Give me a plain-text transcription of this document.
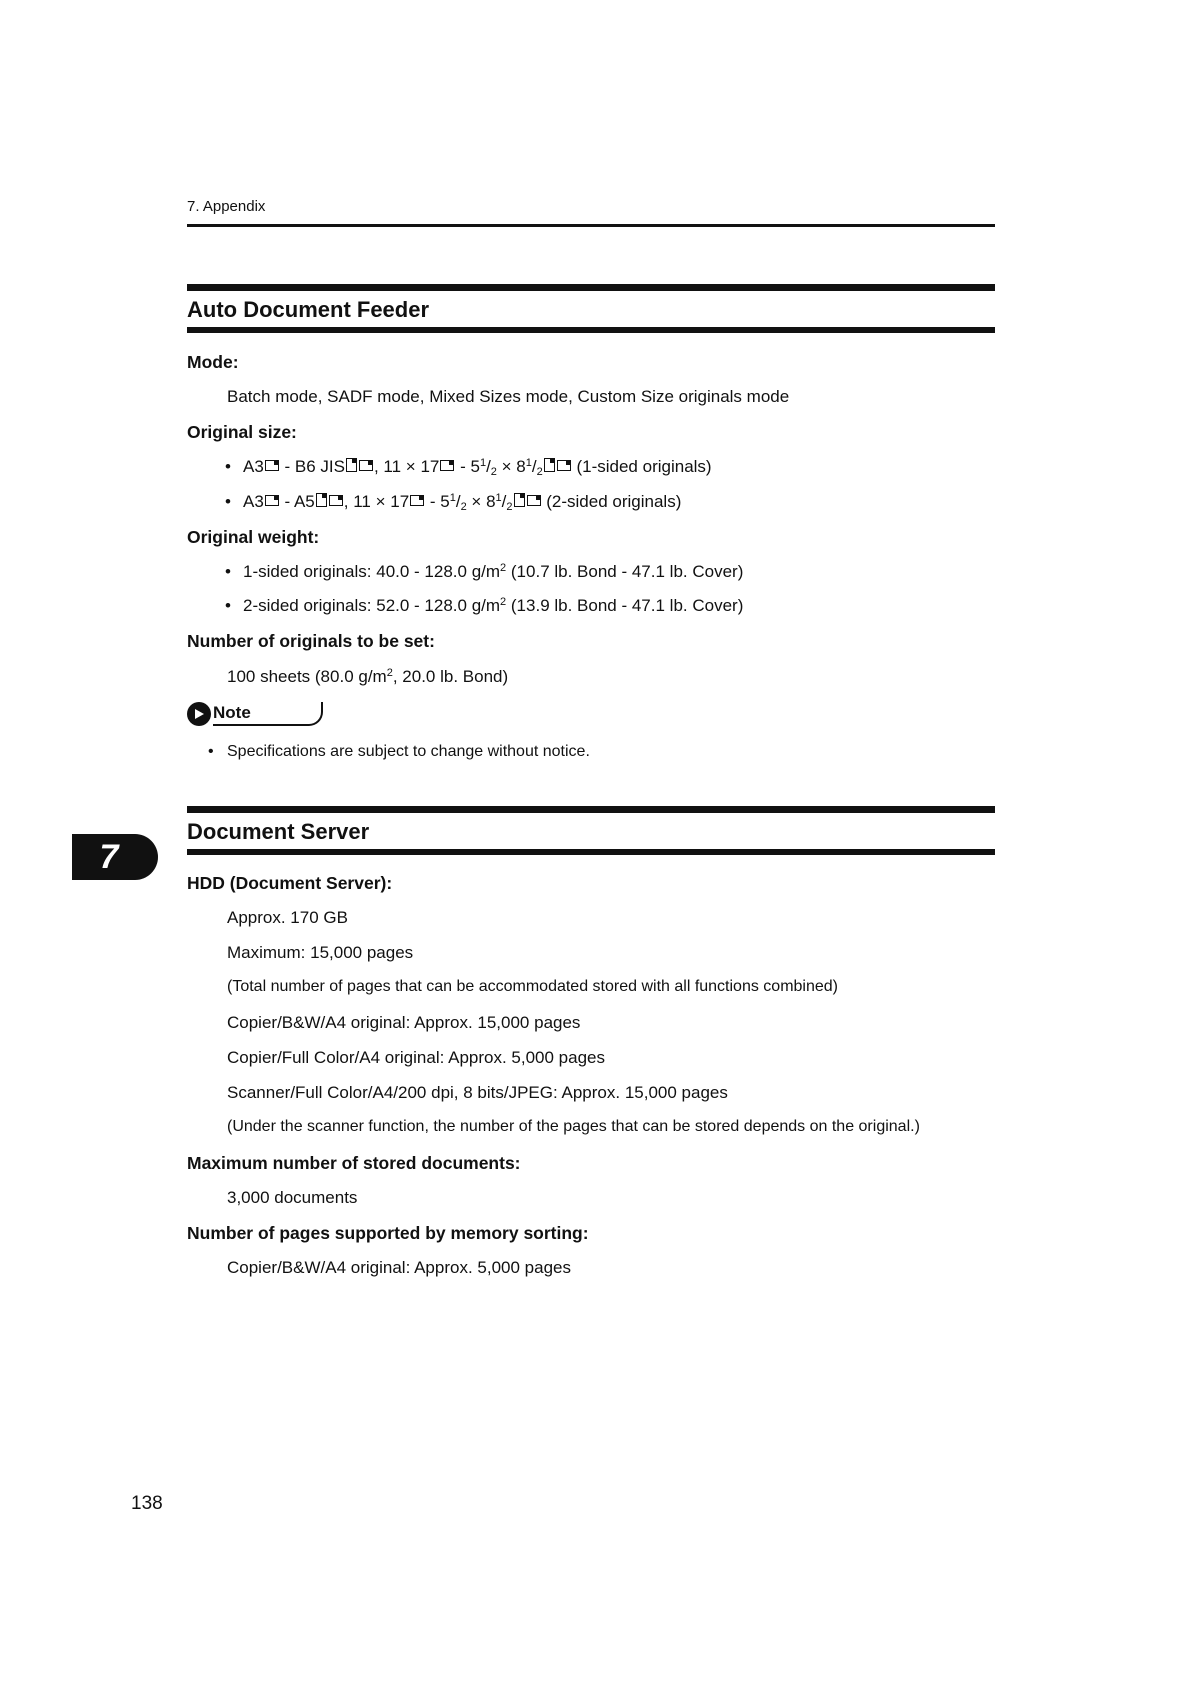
7. Appendix
Auto Document Feeder
Mode:
Batch mode, SADF mode, Mixed Sizes mode, Custom Size originals mode
Original size:
• A3 - B6 JIS , $11 \times 17 - 5^1/_2 \times 8^1/_2$ (1-sided originals)
• A3 - A5 , $11 \times 17 - 5^1/_2 \times 8^1/_2$ (2-sided originals)
Original weight:
• 1-sided originals: 40.0 - 128.0 $g/m^2$ (10.7 lb. Bond - 47.1 lb. Cover)
• 2-sided originals: 52.0 - 128.0 $g/m^2$ (13.9 lb. Bond - 47.1 lb. Cover)
Number of originals to be set:
100 sheets (80.0 $g/m^2$, 20.0 lb. Bond)
Note
• Specifications are subject to change without notice.
Document Server
7
HDD (Document Server):
Approx. 170 GB
Maximum: 15,000 pages
(Total number of pages that can be accommodated stored with all functions combined)
Copier/B&W/A4 original: Approx. 15,000 pages
Copier/Full Color/A4 original: Approx. 5,000 pages
Scanner/Full Color/A4/200 dpi, 8 bits/JPEG: Approx. 15,000 pages
(Under the scanner function, the number of the pages that can be stored depends on the original.)
Maximum number of stored documents:
3,000 documents
Number of pages supported by memory sorting:
Copier/B&W/A4 original: Approx. 5,000 pages
138
